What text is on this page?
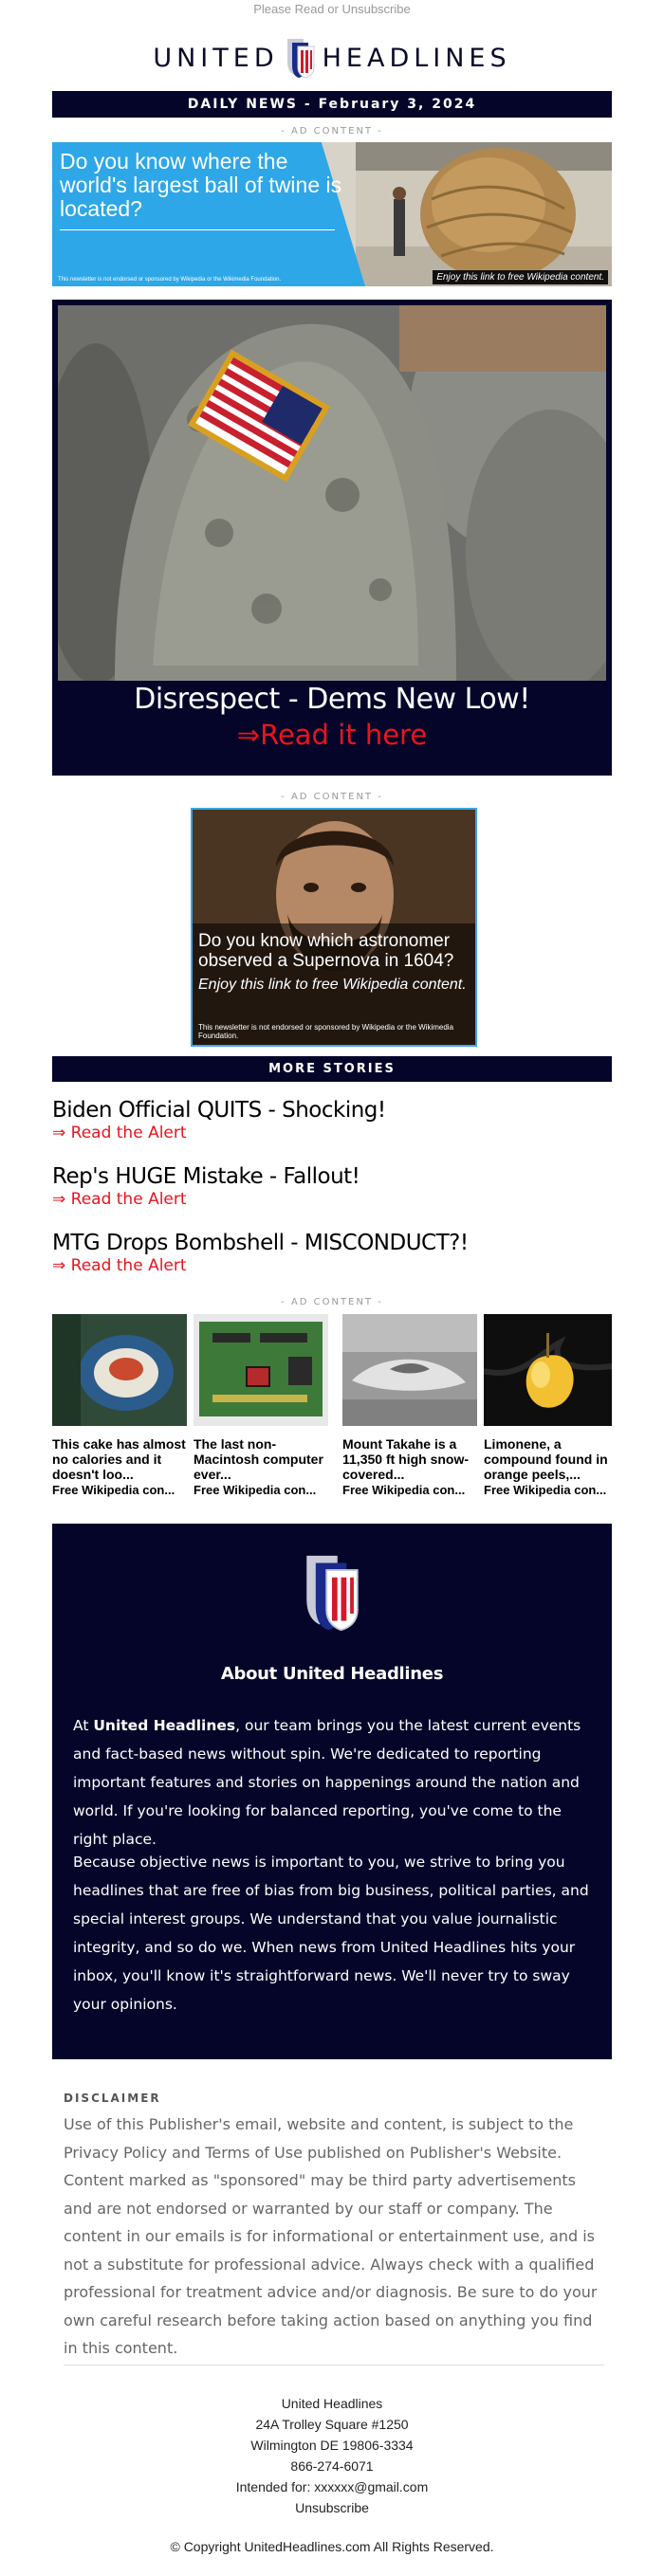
Please Read or Unsubscribe
UNITED HEADLINES
DAILY NEWS - February 3, 2024
- AD CONTENT -
Do you know where the world's largest ball of twine is located?
This newsletter is not endorsed or sponsored by Wikipedia or the Wikimedia Foundation.	Enjoy this link to free Wikipedia content.
Disrespect - Dems New Low!
⇒Read it here
- AD CONTENT -
Do you know which astronomer observed a Supernova in 1604?
Enjoy this link to free Wikipedia content.
This newsletter is not endorsed or sponsored by Wikipedia or the Wikimedia Foundation.
MORE STORIES
Biden Official QUITS - Shocking!
⇒ Read the Alert
Rep's HUGE Mistake - Fallout!
⇒ Read the Alert
MTG Drops Bombshell - MISCONDUCT?!
⇒ Read the Alert
- AD CONTENT -
This cake has almost no calories and it doesn't loo...
Free Wikipedia con...
The last non-Macintosh computer ever...
Free Wikipedia con...
Mount Takahe is a 11,350 ft high snow-covered...
Free Wikipedia con...
Limonene, a compound found in orange peels,...
Free Wikipedia con...
About United Headlines

At United Headlines, our team brings you the latest current events and fact-based news without spin. We're dedicated to reporting important features and stories on happenings around the nation and world. If you're looking for balanced reporting, you've come to the right place.

Because objective news is important to you, we strive to bring you headlines that are free of bias from big business, political parties, and special interest groups. We understand that you value journalistic integrity, and so do we. When news from United Headlines hits your inbox, you'll know it's straightforward news. We'll never try to sway your opinions.

DISCLAIMER
Use of this Publisher's email, website and content, is subject to the Privacy Policy and Terms of Use published on Publisher's Website. Content marked as "sponsored" may be third party advertisements and are not endorsed or warranted by our staff or company. The content in our emails is for informational or entertainment use, and is not a substitute for professional advice. Always check with a qualified professional for treatment advice and/or diagnosis. Be sure to do your own careful research before taking action based on anything you find in this content.
United Headlines
24A Trolley Square #1250
Wilmington DE 19806-3334
866-274-6071
Intended for: xxxxxx@gmail.com
Unsubscribe
© Copyright UnitedHeadlines.com All Rights Reserved.
